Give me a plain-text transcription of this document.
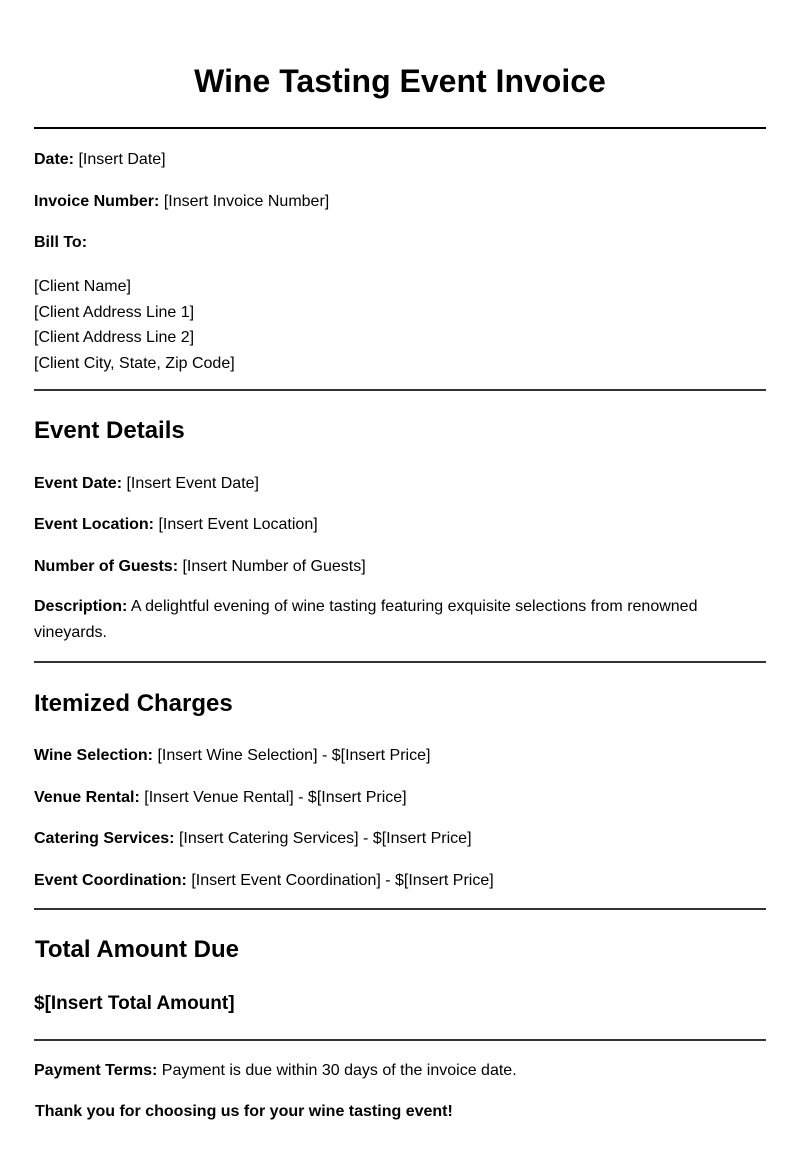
Wine Tasting Event Invoice

Date: [Insert Date]

Invoice Number: [Insert Invoice Number]

Bill To:

[Client Name]
[Client Address Line 1]
[Client Address Line 2]
[Client City, State, Zip Code]
Event Details

Event Date: [Insert Event Date]

Event Location: [Insert Event Location]

Number of Guests: [Insert Number of Guests]

Description: A delightful evening of wine tasting featuring exquisite selections from renowned vineyards.

Itemized Charges

Wine Selection: [Insert Wine Selection] - $[Insert Price]

Venue Rental: [Insert Venue Rental] - $[Insert Price]

Catering Services: [Insert Catering Services] - $[Insert Price]

Event Coordination: [Insert Event Coordination] - $[Insert Price]

Total Amount Due

$[Insert Total Amount]

Payment Terms: Payment is due within 30 days of the invoice date.

Thank you for choosing us for your wine tasting event!
